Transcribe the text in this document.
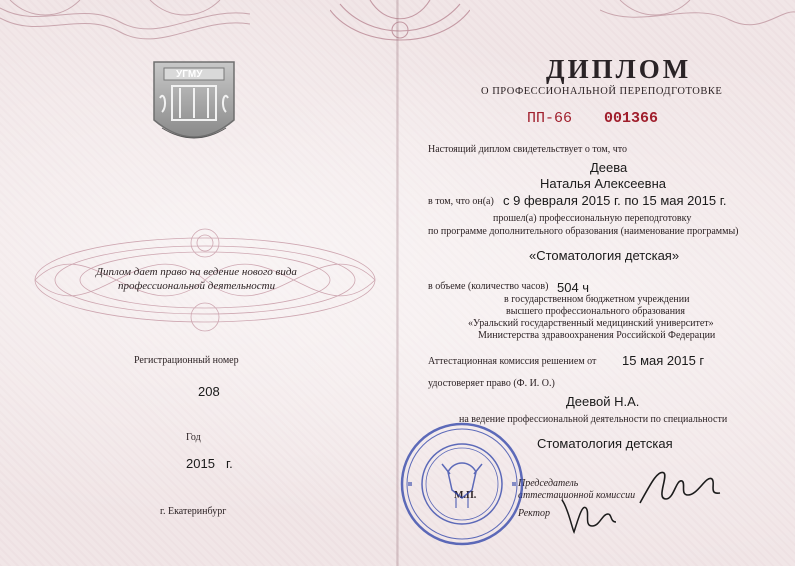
УГМУ
Диплом дает право на ведение нового вида
профессиональной деятельности
Регистрационный номер
208
Год
2015 г.
г. Екатеринбург
ДИПЛОМ
О ПРОФЕССИОНАЛЬНОЙ ПЕРЕПОДГОТОВКЕ
ПП-66 001366
Настоящий диплом свидетельствует о том, что
Деева
Наталья Алексеевна
в том, что он(а) с 9 февраля 2015 г. по 15 мая 2015 г.
прошел(а) профессиональную переподготовку
по программе дополнительного образования (наименование программы)
«Стоматология детская»
в объеме (количество часов) 504 ч
в государственном бюджетном учреждении
высшего профессионального образования
«Уральский государственный медицинский университет»
Министерства здравоохранения Российской Федерации
Аттестационная комиссия решением от 15 мая 2015 г
удостоверяет право (Ф. И. О.)
Деевой Н.А.
на ведение профессиональной деятельности по специальности
Стоматология детская
Председатель
аттестационной комиссии
Ректор
М.П.
